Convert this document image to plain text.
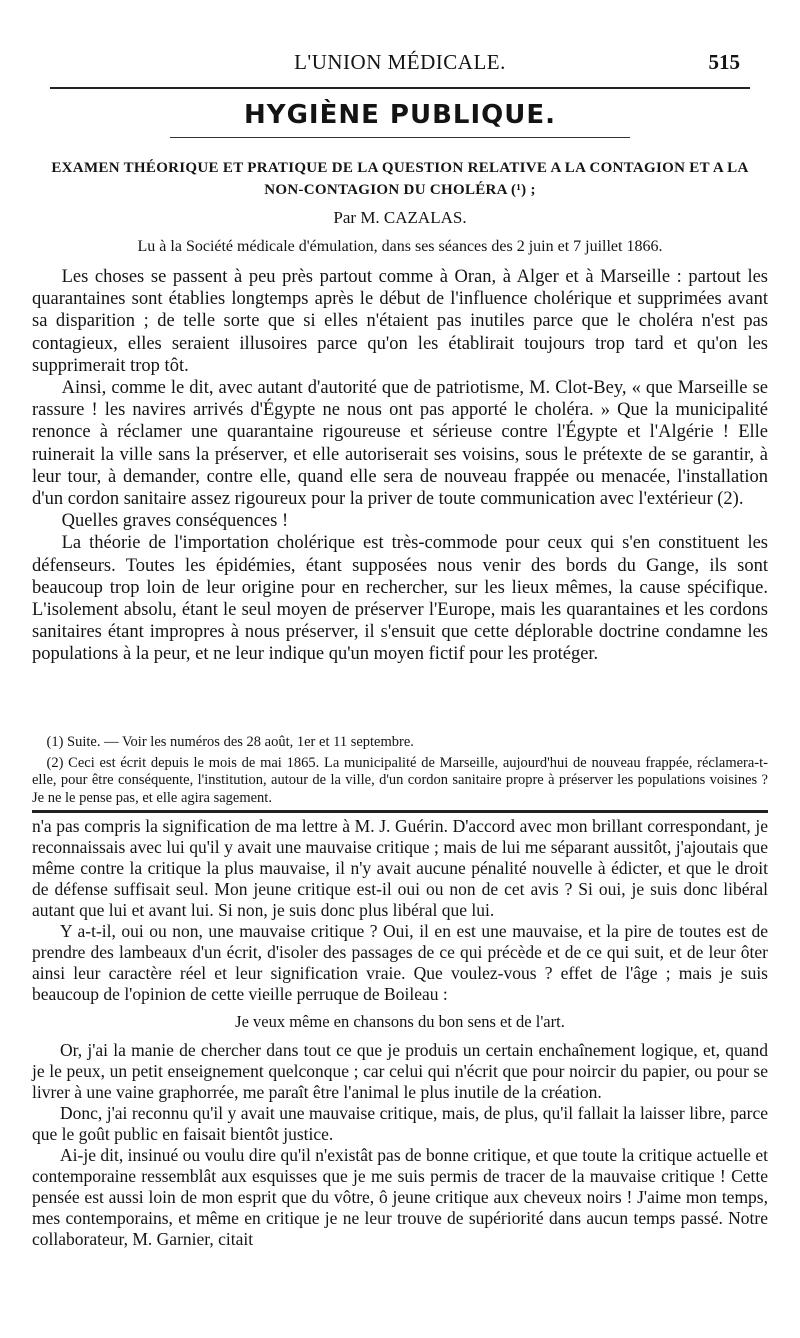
L'UNION MÉDICALE.	515
HYGIÈNE PUBLIQUE.
EXAMEN THÉORIQUE ET PRATIQUE DE LA QUESTION RELATIVE A LA CONTAGION ET A LA NON-CONTAGION DU CHOLÉRA (¹) ;
Par M. CAZALAS.
Lu à la Société médicale d'émulation, dans ses séances des 2 juin et 7 juillet 1866.

Les choses se passent à peu près partout comme à Oran, à Alger et à Marseille : partout les quarantaines sont établies longtemps après le début de l'influence cholérique et supprimées avant sa disparition ; de telle sorte que si elles n'étaient pas inutiles parce que le choléra n'est pas contagieux, elles seraient illusoires parce qu'on les établirait toujours trop tard et qu'on les supprimerait trop tôt.

Ainsi, comme le dit, avec autant d'autorité que de patriotisme, M. Clot-Bey, « que Marseille se rassure ! les navires arrivés d'Égypte ne nous ont pas apporté le choléra. » Que la municipalité renonce à réclamer une quarantaine rigoureuse et sérieuse contre l'Égypte et l'Algérie ! Elle ruinerait la ville sans la préserver, et elle autoriserait ses voisins, sous le prétexte de se garantir, à leur tour, à demander, contre elle, quand elle sera de nouveau frappée ou menacée, l'installation d'un cordon sanitaire assez rigoureux pour la priver de toute communication avec l'extérieur (2).

Quelles graves conséquences !

La théorie de l'importation cholérique est très-commode pour ceux qui s'en constituent les défenseurs. Toutes les épidémies, étant supposées nous venir des bords du Gange, ils sont beaucoup trop loin de leur origine pour en rechercher, sur les lieux mêmes, la cause spécifique. L'isolement absolu, étant le seul moyen de préserver l'Europe, mais les quarantaines et les cordons sanitaires étant impropres à nous préserver, il s'ensuit que cette déplorable doctrine condamne les populations à la peur, et ne leur indique qu'un moyen fictif pour les protéger.

(1) Suite. — Voir les numéros des 28 août, 1er et 11 septembre.

(2) Ceci est écrit depuis le mois de mai 1865. La municipalité de Marseille, aujourd'hui de nouveau frappée, réclamera-t-elle, pour être conséquente, l'institution, autour de la ville, d'un cordon sanitaire propre à préserver les populations voisines ? Je ne le pense pas, et elle agira sagement.

n'a pas compris la signification de ma lettre à M. J. Guérin. D'accord avec mon brillant correspondant, je reconnaissais avec lui qu'il y avait une mauvaise critique ; mais de lui me séparant aussitôt, j'ajoutais que même contre la critique la plus mauvaise, il n'y avait aucune pénalité nouvelle à édicter, et que le droit de défense suffisait seul. Mon jeune critique est-il oui ou non de cet avis ? Si oui, je suis donc libéral autant que lui et avant lui. Si non, je suis donc plus libéral que lui.

Y a-t-il, oui ou non, une mauvaise critique ? Oui, il en est une mauvaise, et la pire de toutes est de prendre des lambeaux d'un écrit, d'isoler des passages de ce qui précède et de ce qui suit, et de leur ôter ainsi leur caractère réel et leur signification vraie. Que voulez-vous ? effet de l'âge ; mais je suis beaucoup de l'opinion de cette vieille perruque de Boileau :

Je veux même en chansons du bon sens et de l'art.

Or, j'ai la manie de chercher dans tout ce que je produis un certain enchaînement logique, et, quand je le peux, un petit enseignement quelconque ; car celui qui n'écrit que pour noircir du papier, ou pour se livrer à une vaine graphorrée, me paraît être l'animal le plus inutile de la création.

Donc, j'ai reconnu qu'il y avait une mauvaise critique, mais, de plus, qu'il fallait la laisser libre, parce que le goût public en faisait bientôt justice.

Ai-je dit, insinué ou voulu dire qu'il n'existât pas de bonne critique, et que toute la critique actuelle et contemporaine ressemblât aux esquisses que je me suis permis de tracer de la mauvaise critique ! Cette pensée est aussi loin de mon esprit que du vôtre, ô jeune critique aux cheveux noirs ! J'aime mon temps, mes contemporains, et même en critique je ne leur trouve de supériorité dans aucun temps passé. Notre collaborateur, M. Garnier, citait
